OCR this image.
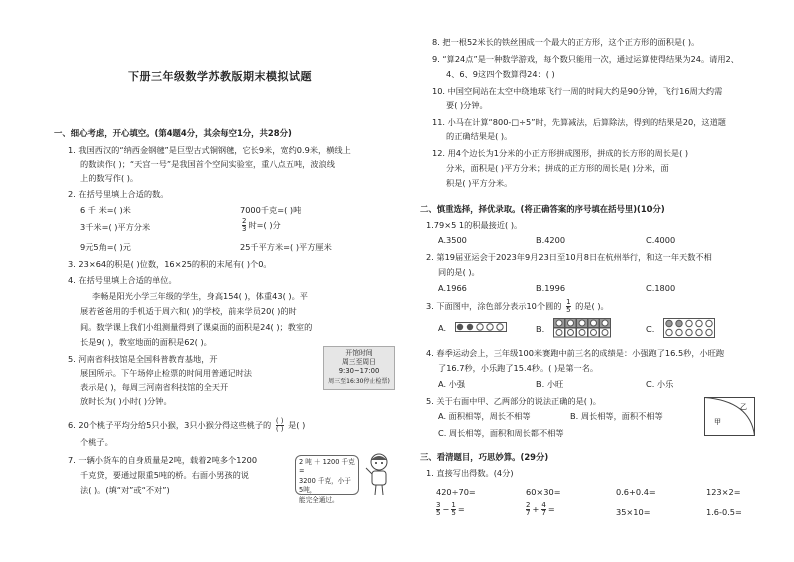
下册三年级数学苏教版期末模拟试题
一、细心考虑，开心填空。(第4题4分，其余每空1分，共28分)
1. 我国西汉的“纳西金钢毽”是巨型古式铜钢毽，它长9米，宽约0.9米，横线上
的数读作( )；“天宫一号”是我国首个空间实验室，重八点五吨，波浪线
上的数写作( )。
2. 在括号里填上合适的数。
6 千 米=( )米	7000千克=( )吨
3千米=( )平方分米	$\frac{2}{3}$ 时=( )分
9元5角=( )元	25千平方米=( )平方厘米
3. 23×64的积是( )位数，16×25的积的末尾有( )个0。
4. 在括号里填上合适的单位。
李畅是阳光小学三年级的学生，身高154( )，体重43( )。平
展若爸爸用的手机适于周六和( )的学校，前来学员20( )的时
间。数学课上我们小组测量得到了课桌面的面积是24( )；教室的
长是9( )，教室地面的面积是62( )。
5. 河南省科技馆是全国科普教育基地，开
展国所示。下午场停止检票的时间用普通记时法
表示是( )，每周三河南省科技馆的全天开
放时长为( )小时( )分钟。
6. 20个桃子平均分给5只小猴，3只小猴分得这些桃子的 $\frac{( )}{( )}$ 是( )
个桃子。
7. 一辆小货车的自身质量是2吨，载着2吨多个1200
千克贷，要通过限重5吨的桥。右面小男孩的说
法( )。(填“对”或“不对”)
开馆时间
周三至周日
9:30~17:00
周三至16:30停止检票)
2 吨 ＋ 1200 千克 =
3200 千克，小于5吨，
能完全通过。
8. 把一根52米长的铁丝围成一个最大的正方形，这个正方形的面积是( )。
9. “算24点”是一种数学游戏，每个数只能用一次，通过运算使得结果为24。请用2、
4、6、9这四个数算得24：( )
10. 中国空间站在太空中绕地球飞行一周的时间大约是90分钟，飞行16周大约需
要( )分钟。
11. 小马在计算“800-□÷5”时，先算减法，后算除法，得到的结果是20，这道题
的正确结果是( )。
12. 用4个边长为1分米的小正方形拼成图形，拼成的长方形的周长是( )
分米，面积是( )平方分米；拼成的正方形的周长是( )分米，面
积是( )平方分米。
二、慎重选择，择优录取。(将正确答案的序号填在括号里)(10分)
1.79×5 1的积最接近( )。
A.3500	B.4200	C.4000
2. 第19届亚运会于2023年9月23日至10月8日在杭州举行，和这一年天数不相
同的是( )。
A.1966	B.1996	C.1800
3. 下面图中，涂色部分表示10个圆的 $\frac{1}{5}$ 的是( )。
A.	B.	C.
4. 春季运动会上，三年级100米赛跑中前三名的成绩是：小强跑了16.5秒，小旺跑
了16.7秒，小乐跑了15.4秒。( )是第一名。
A. 小强	B. 小旺	C. 小乐
5. 关于右面中甲、乙两部分的说法正确的是( )。
A. 面积相等，周长不相等	B. 周长相等，面积不相等
C. 周长相等，面积和周长都不相等
三、看清题目，巧思妙算。(29分)
1. 直接写出得数。(4分)
420÷70=	60×30=	0.6+0.4=	123×2=
$\frac{3}{5} - \frac{1}{5}$ =	$\frac{2}{7} + \frac{4}{7}$ =	35×10=	1.6-0.5=
甲
乙
